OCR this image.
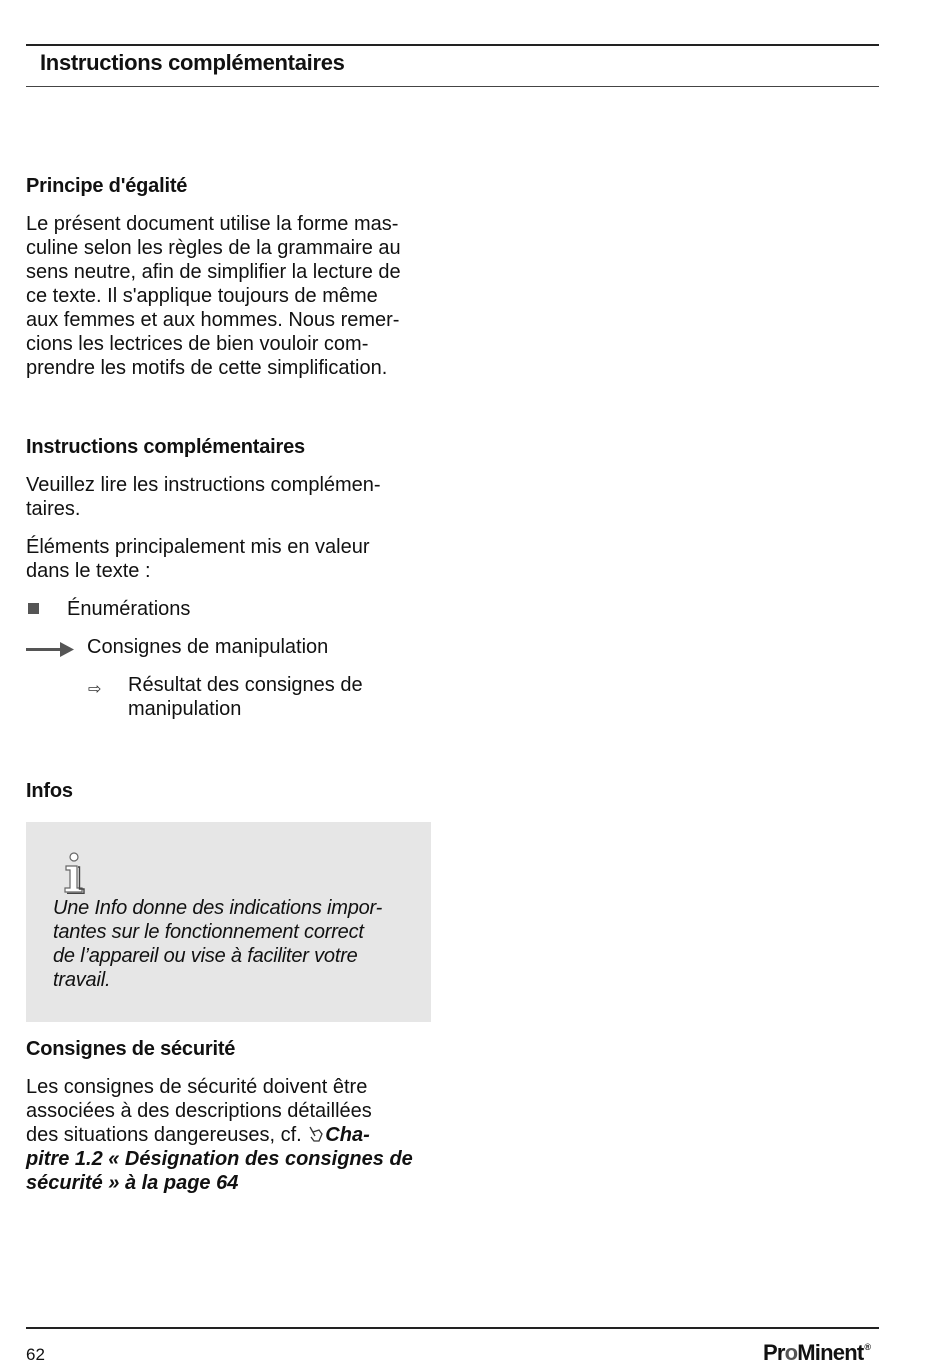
Instructions complémentaires

Principe d'égalité

Le présent document utilise la forme mas-
culine selon les règles de la grammaire au
sens neutre, afin de simplifier la lecture de
ce texte. Il s'applique toujours de même
aux femmes et aux hommes. Nous remer-
cions les lectrices de bien vouloir com-
prendre les motifs de cette simplification.

Instructions complémentaires

Veuillez lire les instructions complémen-
taires.
Éléments principalement mis en valeur
dans le texte :
Énumérations
Consignes de manipulation
⇨ Résultat des consignes de
manipulation

Infos

Une Info donne des indications impor-
tantes sur le fonctionnement correct
de l’appareil ou vise à faciliter votre
travail.

Consignes de sécurité

Les consignes de sécurité doivent être
associées à des descriptions détaillées
des situations dangereuses, cf. Cha-
pitre 1.2 « Désignation des consignes de
sécurité » à la page 64
62	ProMinent®
